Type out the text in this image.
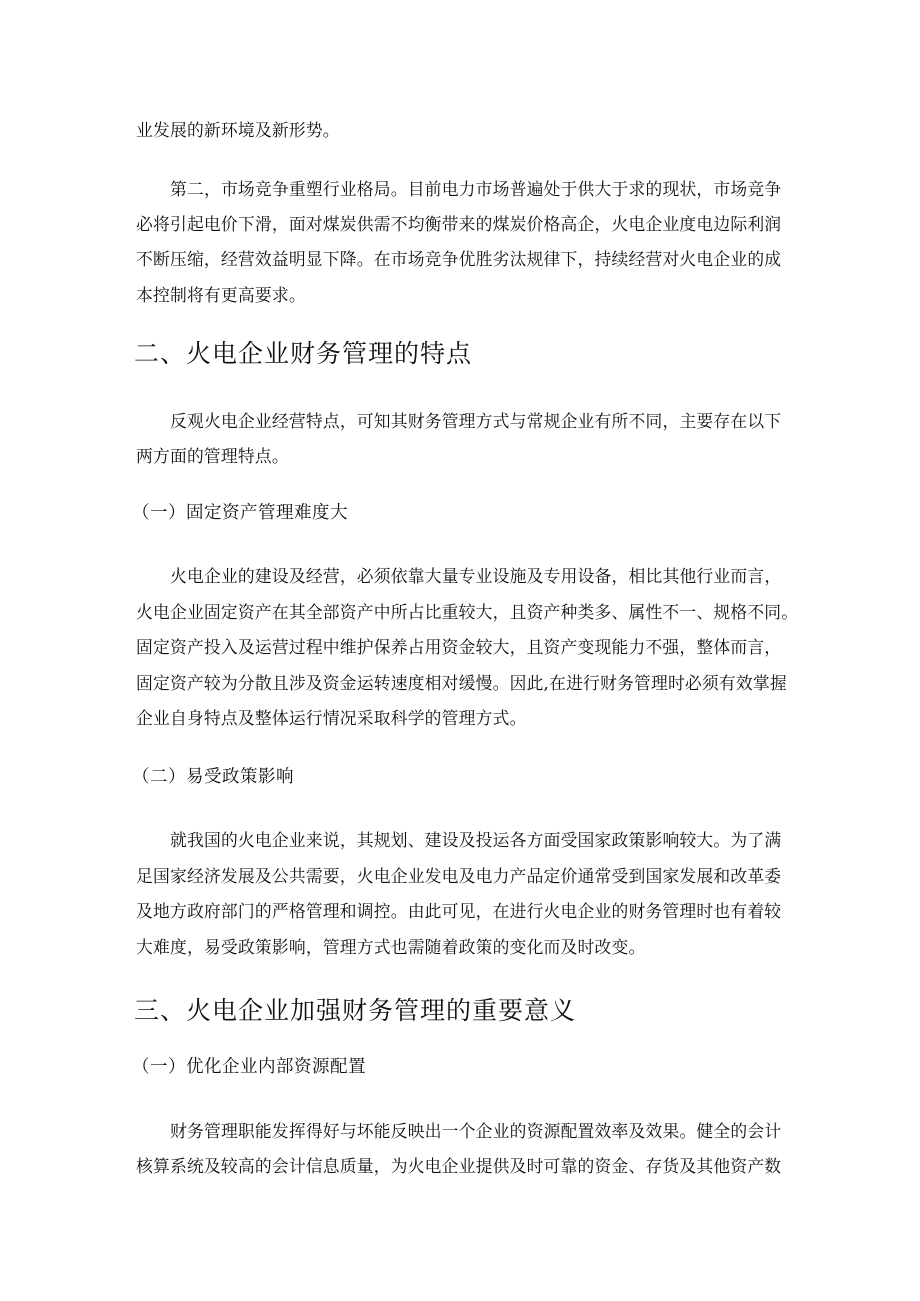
业发展的新环境及新形势。
第二，市场竞争重塑行业格局。目前电力市场普遍处于供大于求的现状，市场竞争
必将引起电价下滑，面对煤炭供需不均衡带来的煤炭价格高企，火电企业度电边际利润
不断压缩，经营效益明显下降。在市场竞争优胜劣汰规律下，持续经营对火电企业的成
本控制将有更高要求。
二、火电企业财务管理的特点
反观火电企业经营特点，可知其财务管理方式与常规企业有所不同，主要存在以下
两方面的管理特点。
（一）固定资产管理难度大
火电企业的建设及经营，必须依靠大量专业设施及专用设备，相比其他行业而言，
火电企业固定资产在其全部资产中所占比重较大，且资产种类多、属性不一、规格不同。
固定资产投入及运营过程中维护保养占用资金较大，且资产变现能力不强，整体而言，
固定资产较为分散且涉及资金运转速度相对缓慢。因此,在进行财务管理时必须有效掌握
企业自身特点及整体运行情况采取科学的管理方式。
（二）易受政策影响
就我国的火电企业来说，其规划、建设及投运各方面受国家政策影响较大。为了满
足国家经济发展及公共需要，火电企业发电及电力产品定价通常受到国家发展和改革委
及地方政府部门的严格管理和调控。由此可见，在进行火电企业的财务管理时也有着较
大难度，易受政策影响，管理方式也需随着政策的变化而及时改变。
三、火电企业加强财务管理的重要意义
（一）优化企业内部资源配置
财务管理职能发挥得好与坏能反映出一个企业的资源配置效率及效果。健全的会计
核算系统及较高的会计信息质量，为火电企业提供及时可靠的资金、存货及其他资产数
